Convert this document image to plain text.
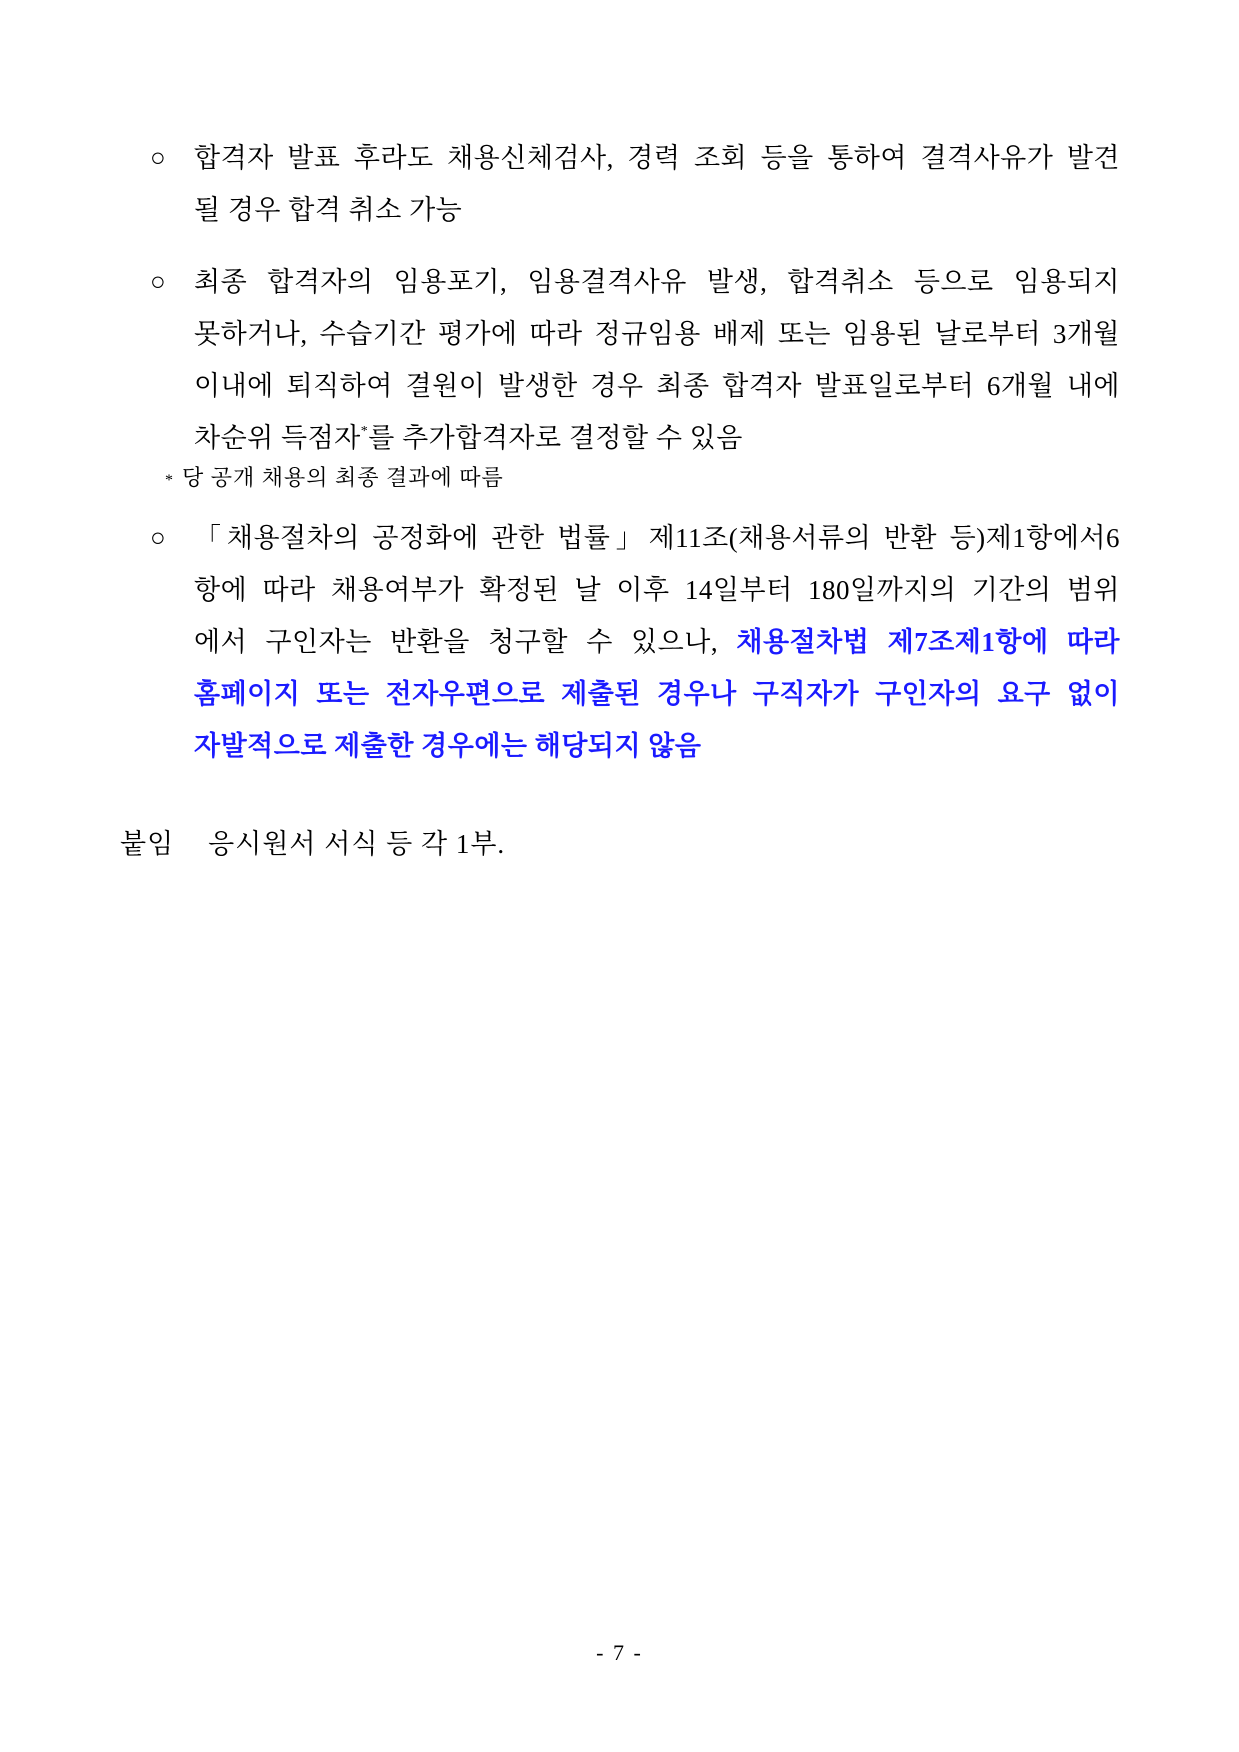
○ 합격자 발표 후라도 채용신체검사, 경력 조회 등을 통하여 결격사유가 발견
될 경우 합격 취소 가능
○ 최종 합격자의 임용포기, 임용결격사유 발생, 합격취소 등으로 임용되지
못하거나, 수습기간 평가에 따라 정규임용 배제 또는 임용된 날로부터 3개월
이내에 퇴직하여 결원이 발생한 경우 최종 합격자 발표일로부터 6개월 내에
차순위 득점자*를 추가합격자로 결정할 수 있음
* 당 공개 채용의 최종 결과에 따름
○ 「채용절차의 공정화에 관한 법률」제11조(채용서류의 반환 등)제1항에서6
항에 따라 채용여부가 확정된 날 이후 14일부터 180일까지의 기간의 범위
에서 구인자는 반환을 청구할 수 있으나, 채용절차법 제7조제1항에 따라
홈페이지 또는 전자우편으로 제출된 경우나 구직자가 구인자의 요구 없이
자발적으로 제출한 경우에는 해당되지 않음
붙임 응시원서 서식 등 각 1부.
- 7 -
